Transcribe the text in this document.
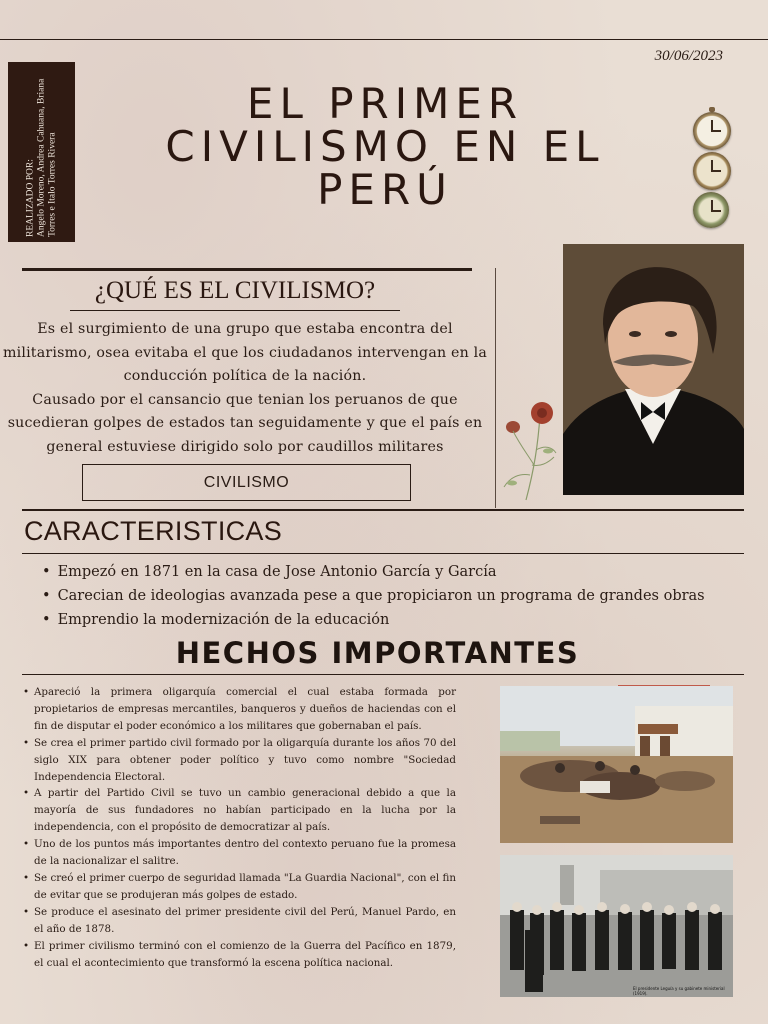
30/06/2023
REALIZADO POR: Angelo Moreno, Andrea Cahuana, Briana Torres e Italo Torres Rivera
EL PRIMER
CIVILISMO EN EL
PERÚ
¿QUÉ ES EL CIVILISMO?
Es el surgimiento de una grupo que estaba encontra del militarismo, osea evitaba el que los ciudadanos intervengan en la conducción política de la nación.
Causado por el cansancio que tenian los peruanos de que sucedieran golpes de estados tan seguidamente y que el país en general estuviese dirigido solo por caudillos militares
CIVILISMO
CARACTERISTICAS
• Empezó en 1871 en la casa de Jose Antonio García y García
• Carecian de ideologias avanzada pese a que propiciaron un programa de grandes obras
• Emprendio la modernización de la educación
HECHOS IMPORTANTES
• Apareció la primera oligarquía comercial el cual estaba formada por propietarios de empresas mercantiles, banqueros y dueños de haciendas con el fin de disputar el poder económico a los militares que gobernaban el país.
• Se crea el primer partido civil formado por la oligarquía durante los años 70 del siglo XIX para obtener poder político y tuvo como nombre "Sociedad Independencia Electoral.
• A partir del Partido Civil se tuvo un cambio generacional debido a que la mayoría de sus fundadores no habían participado en la lucha por la independencia, con el propósito de democratizar al país.
• Uno de los puntos más importantes dentro del contexto peruano fue la promesa de la nacionalizar el salitre.
• Se creó el primer cuerpo de seguridad llamada "La Guardia Nacional", con el fin de evitar que se produjeran más golpes de estado.
• Se produce el asesinato del primer presidente civil del Perú, Manuel Pardo, en el año de 1878.
• El primer civilismo terminó con el comienzo de la Guerra del Pacífico en 1879, el cual el acontecimiento que transformó la escena política nacional.
El presidente Leguía y su gabinete ministerial (1919).
